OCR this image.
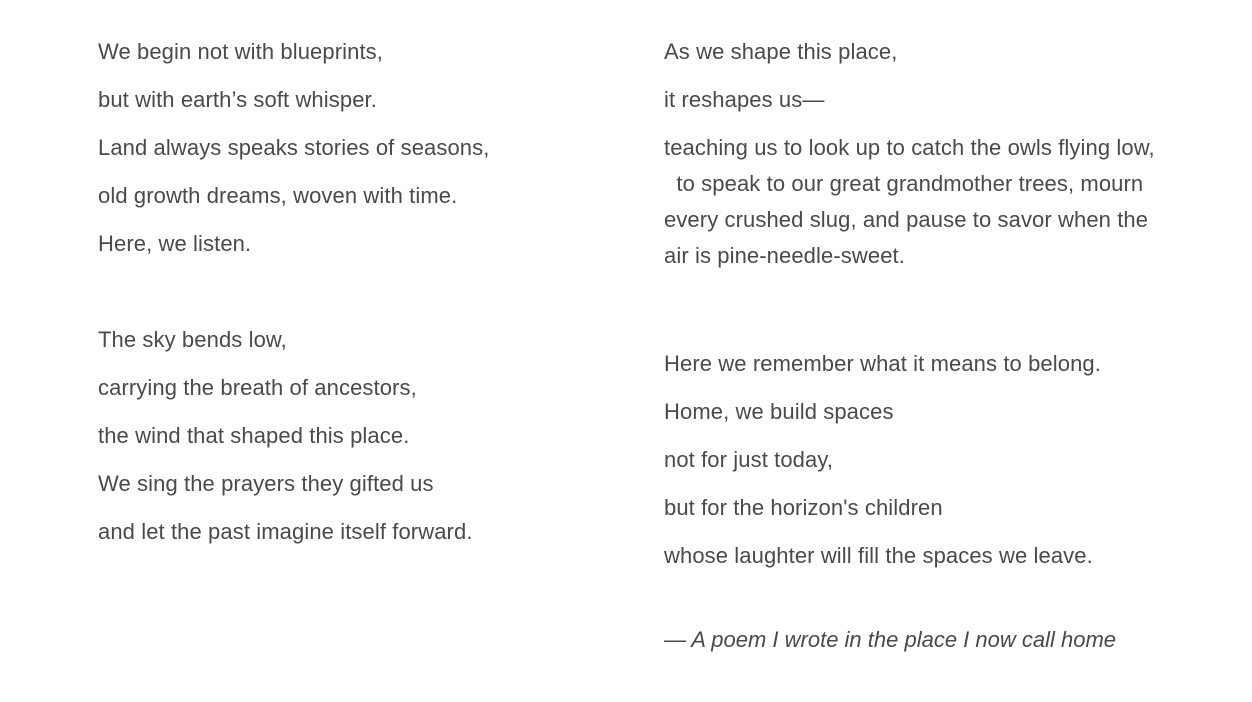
We begin not with blueprints,
but with earth’s soft whisper.
Land always speaks stories of seasons,
old growth dreams, woven with time.
Here, we listen.
The sky bends low,
carrying the breath of ancestors,
the wind that shaped this place.
We sing the prayers they gifted us
and let the past imagine itself forward.
As we shape this place,
it reshapes us—
teaching us to look up to catch the owls flying low,   to speak to our great grandmother trees, mourn every crushed slug, and pause to savor when the air is pine-needle-sweet.
Here we remember what it means to belong.
Home, we build spaces
not for just today,
but for the horizon's children
whose laughter will fill the spaces we leave.
— A poem I wrote in the place I now call home
